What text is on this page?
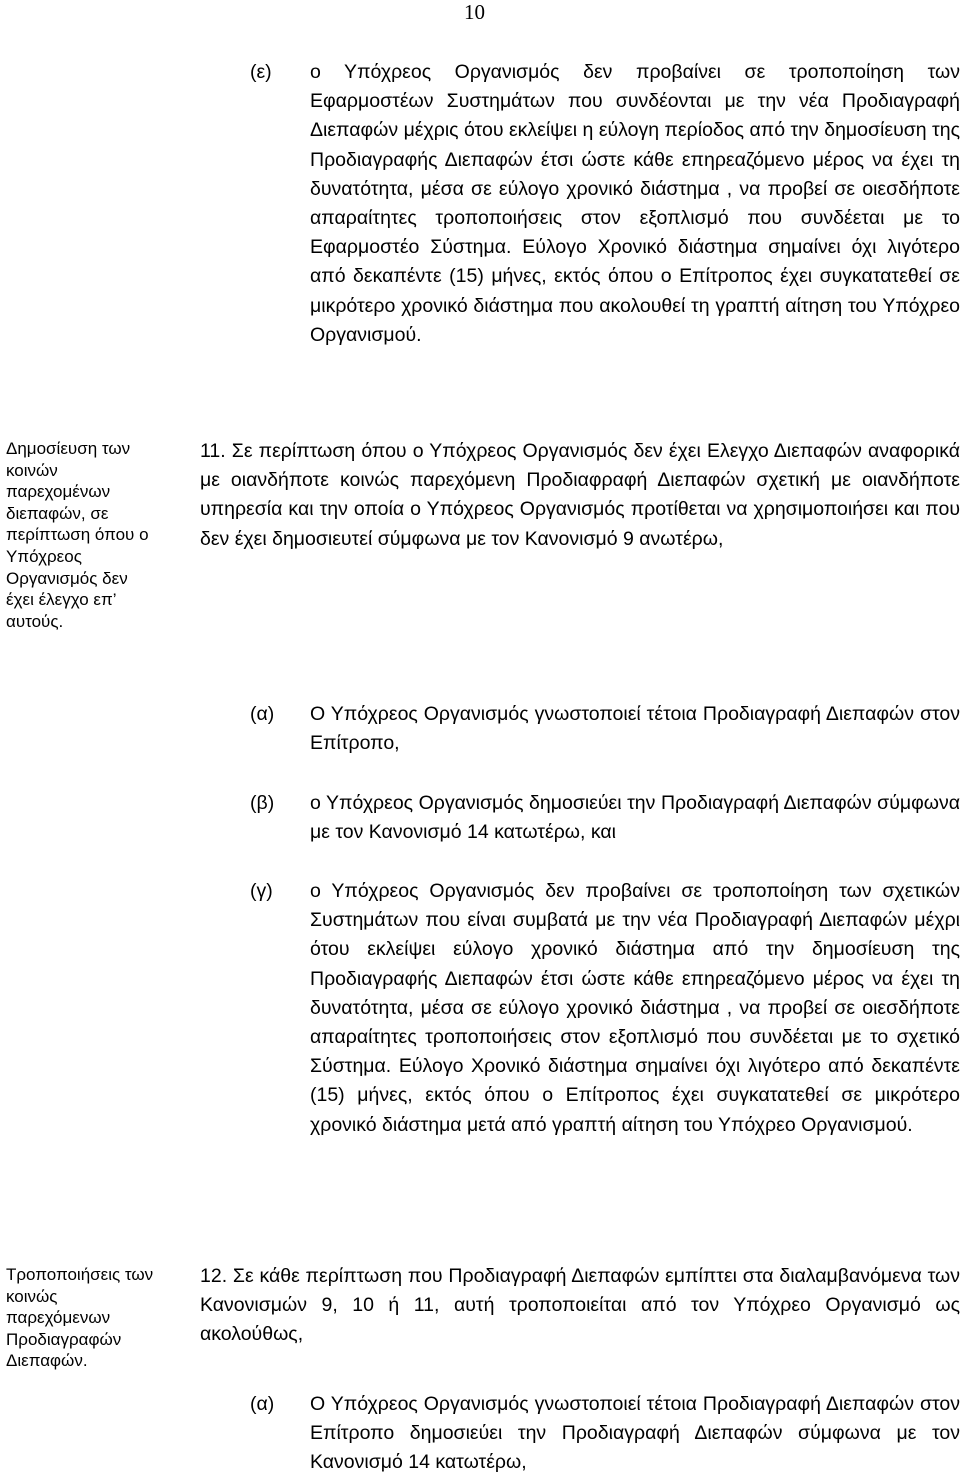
10

(ε) ο Υπόχρεος Οργανισμός δεν προβαίνει σε τροποποίηση των Εφαρμοστέων Συστημάτων που συνδέονται με την νέα Προδιαγραφή Διεπαφών μέχρις ότου εκλείψει η εύλογη περίοδος από την δημοσίευση της Προδιαγραφής Διεπαφών έτσι ώστε κάθε επηρεαζόμενο μέρος να έχει τη δυνατότητα, μέσα σε εύλογο χρονικό διάστημα , να προβεί σε οιεσδήποτε απαραίτητες τροποποιήσεις στον εξοπλισμό που συνδέεται με το Εφαρμοστέο Σύστημα. Εύλογο Χρονικό διάστημα σημαίνει όχι λιγότερο από δεκαπέντε (15) μήνες, εκτός όπου ο Επίτροπος έχει συγκατατεθεί σε μικρότερο χρονικό διάστημα που ακολουθεί τη γραπτή αίτηση του Υπόχρεο Οργανισμού.

Δημοσίευση των κοινών παρεχομένων διεπαφών, σε περίπτωση όπου ο Υπόχρεος Οργανισμός δεν έχει έλεγχο επ’ αυτούς.

11. Σε περίπτωση όπου ο Υπόχρεος Οργανισμός δεν έχει Ελεγχο Διεπαφών αναφορικά με οιανδήποτε κοινώς παρεχόμενη Προδιαφραφή Διεπαφών σχετική με οιανδήποτε υπηρεσία και την οποία ο Υπόχρεος Οργανισμός προτίθεται να χρησιμοποιήσει και που δεν έχει δημοσιευτεί σύμφωνα με τον Κανονισμό 9 ανωτέρω,

(α) Ο Υπόχρεος Οργανισμός γνωστοποιεί τέτοια Προδιαγραφή Διεπαφών στον Επίτροπο,

(β) ο Υπόχρεος Οργανισμός δημοσιεύει την Προδιαγραφή Διεπαφών σύμφωνα με τον Κανονισμό 14 κατωτέρω, και

(γ) ο Υπόχρεος Οργανισμός δεν προβαίνει σε τροποποίηση των σχετικών Συστημάτων που είναι συμβατά με την νέα Προδιαγραφή Διεπαφών μέχρι ότου εκλείψει εύλογο χρονικό διάστημα από την δημοσίευση της Προδιαγραφής Διεπαφών έτσι ώστε κάθε επηρεαζόμενο μέρος να έχει τη δυνατότητα, μέσα σε εύλογο χρονικό διάστημα , να προβεί σε οιεσδήποτε απαραίτητες τροποποιήσεις στον εξοπλισμό που συνδέεται με το σχετικό Σύστημα. Εύλογο Χρονικό διάστημα σημαίνει όχι λιγότερο από δεκαπέντε (15) μήνες, εκτός όπου ο Επίτροπος έχει συγκατατεθεί σε μικρότερο χρονικό διάστημα μετά από γραπτή αίτηση του Υπόχρεο Οργανισμού.

Τροποποιήσεις των κοινώς παρεχόμενων Προδιαγραφών Διεπαφών.

12. Σε κάθε περίπτωση που Προδιαγραφή Διεπαφών εμπίπτει στα διαλαμβανόμενα των Κανονισμών 9, 10 ή 11, αυτή τροποποιείται από τον Υπόχρεο Οργανισμό ως ακολούθως,

(α) Ο Υπόχρεος Οργανισμός γνωστοποιεί τέτοια Προδιαγραφή Διεπαφών στον Επίτροπο δημοσιεύει την Προδιαγραφή Διεπαφών σύμφωνα με τον Κανονισμό 14 κατωτέρω,
